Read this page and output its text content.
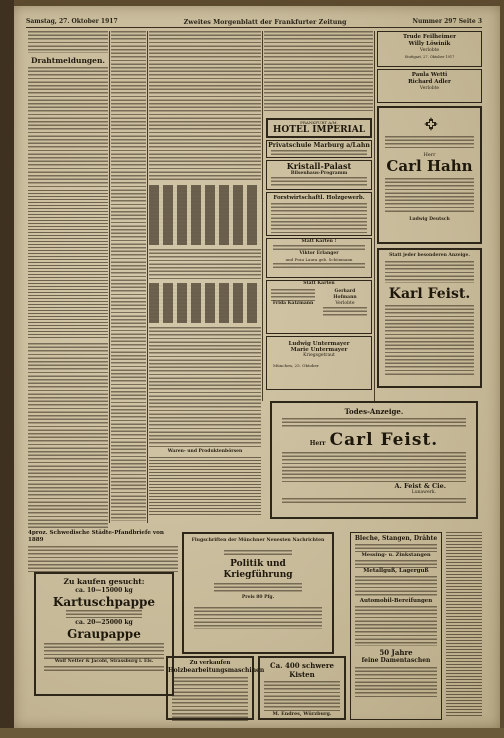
Samstag, 27. Oktober 1917	Zweites Morgenblatt der Frankfurter Zeitung	Nummer 297 Seite 3
Drahtmeldungen.
Waren- und Produktenbörsen
FRANKFURT A/M.
HOTEL IMPERIAL
Privatschule Marburg a/Lahn
Kristall-Palast
Bilsenhaus-Programm
Forstwirtschaftl. Holzgewerb.
Statt Karten !
Viktor Erlanger
und Frau Laura geb. Schönmann
Statt Karten
Frida Katzmann
Gerhard Hofmann
Verlobte
Ludwig Untermayer
Marie Untermayer
Kriegsgetraut
München, 25. Oktober
Trude Feilheimer
Willy Löwinik
Verlobte
Stuttgart, 27. Oktober 1917
Paula Wetti
Richard Adler
Verlobte
Herr
Carl Hahn
Ludwig Deutsch
Statt jeder besonderen Anzeige.
Karl Feist.
Todes-Anzeige.
Herr Carl Feist.
A. Feist & Cie.
Lunawerk.
4proz. Schwedische Städte-Pfandbriefe von 1889
Zu kaufen gesucht:
ca. 10—15000 kg
Kartuschpappe
ca. 20—25000 kg
Graupappe
Wolf Netter & Jacobi, Strassburg i. Els.
Flugschriften der Münchner Neuesten Nachrichten
Politik und
Kriegführung
Preis 80 Pfg.
Zu verkaufen
Holzbearbeitungsmaschinen
Ca. 400 schwere Kisten
M. Endres, Würzburg.
Bleche, Stangen, Drähte
Messing- u. Zinkstangen
Metallguß, Lagerguß
Automobil-Bereifungen
50 Jahre
feine Damentaschen
